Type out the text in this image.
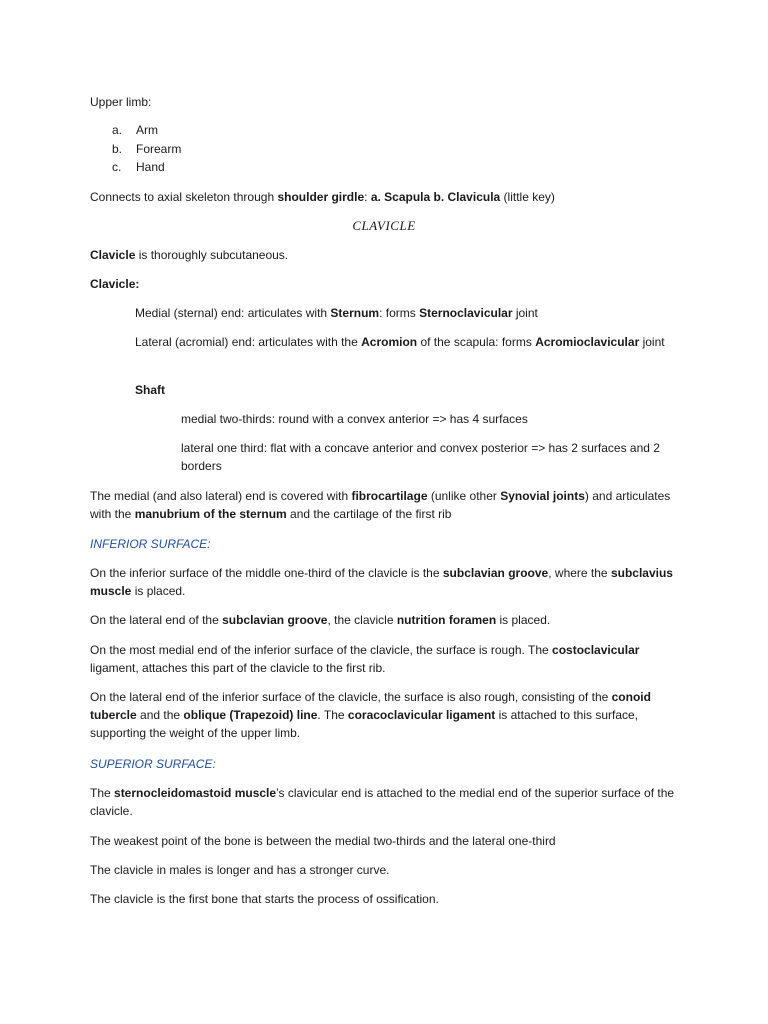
Upper limb:

a. Arm
b. Forearm
c. Hand

Connects to axial skeleton through shoulder girdle: a. Scapula b. Clavicula (little key)

CLAVICLE

Clavicle is thoroughly subcutaneous.

Clavicle:

Medial (sternal) end: articulates with Sternum: forms Sternoclavicular joint

Lateral (acromial) end: articulates with the Acromion of the scapula: forms Acromioclavicular joint

Shaft

medial two-thirds: round with a convex anterior => has 4 surfaces

lateral one third: flat with a concave anterior and convex posterior => has 2 surfaces and 2 borders

The medial (and also lateral) end is covered with fibrocartilage (unlike other Synovial joints) and articulates with the manubrium of the sternum and the cartilage of the first rib

INFERIOR SURFACE:

On the inferior surface of the middle one-third of the clavicle is the subclavian groove, where the subclavius muscle is placed.

On the lateral end of the subclavian groove, the clavicle nutrition foramen is placed.

On the most medial end of the inferior surface of the clavicle, the surface is rough. The costoclavicular ligament, attaches this part of the clavicle to the first rib.

On the lateral end of the inferior surface of the clavicle, the surface is also rough, consisting of the conoid tubercle and the oblique (Trapezoid) line. The coracoclavicular ligament is attached to this surface, supporting the weight of the upper limb.

SUPERIOR SURFACE:

The sternocleidomastoid muscle’s clavicular end is attached to the medial end of the superior surface of the clavicle.

The weakest point of the bone is between the medial two-thirds and the lateral one-third

The clavicle in males is longer and has a stronger curve.

The clavicle is the first bone that starts the process of ossification.
